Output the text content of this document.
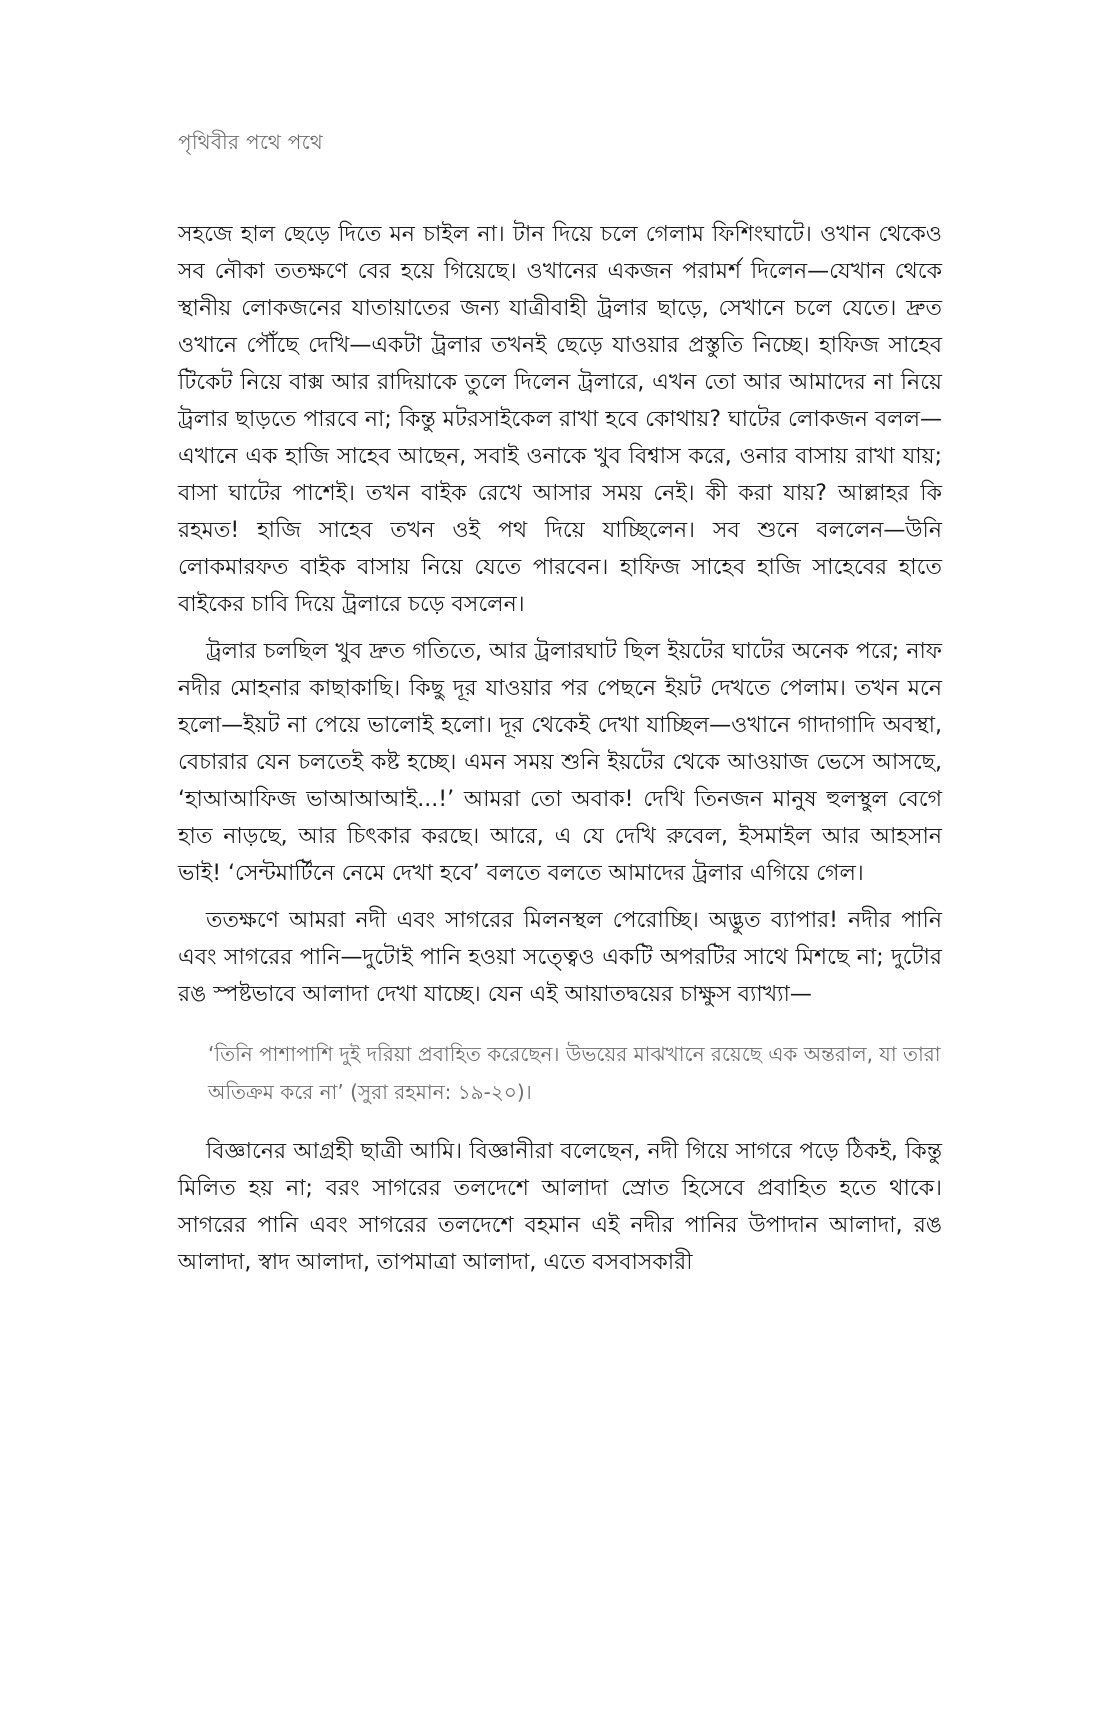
পৃথিবীর পথে পথে

সহজে হাল ছেড়ে দিতে মন চাইল না। টান দিয়ে চলে গেলাম ফিশিংঘাটে। ওখান থেকেও সব নৌকা ততক্ষণে বের হয়ে গিয়েছে। ওখানের একজন পরামর্শ দিলেন—যেখান থেকে স্থানীয় লোকজনের যাতায়াতের জন্য যাত্রীবাহী ট্রলার ছাড়ে, সেখানে চলে যেতে। দ্রুত ওখানে পৌঁছে দেখি—একটা ট্রলার তখনই ছেড়ে যাওয়ার প্রস্তুতি নিচ্ছে। হাফিজ সাহেব টিকেট নিয়ে বাক্স আর রাদিয়াকে তুলে দিলেন ট্রলারে, এখন তো আর আমাদের না নিয়ে ট্রলার ছাড়তে পারবে না; কিন্তু মটরসাইকেল রাখা হবে কোথায়? ঘাটের লোকজন বলল—এখানে এক হাজি সাহেব আছেন, সবাই ওনাকে খুব বিশ্বাস করে, ওনার বাসায় রাখা যায়; বাসা ঘাটের পাশেই। তখন বাইক রেখে আসার সময় নেই। কী করা যায়? আল্লাহর কি রহমত! হাজি সাহেব তখন ওই পথ দিয়ে যাচ্ছিলেন। সব শুনে বললেন—উনি লোকমারফত বাইক বাসায় নিয়ে যেতে পারবেন। হাফিজ সাহেব হাজি সাহেবের হাতে বাইকের চাবি দিয়ে ট্রলারে চড়ে বসলেন।

ট্রলার চলছিল খুব দ্রুত গতিতে, আর ট্রলারঘাট ছিল ইয়টের ঘাটের অনেক পরে; নাফ নদীর মোহনার কাছাকাছি। কিছু দূর যাওয়ার পর পেছনে ইয়ট দেখতে পেলাম। তখন মনে হলো—ইয়ট না পেয়ে ভালোই হলো। দূর থেকেই দেখা যাচ্ছিল—ওখানে গাদাগাদি অবস্থা, বেচারার যেন চলতেই কষ্ট হচ্ছে। এমন সময় শুনি ইয়টের থেকে আওয়াজ ভেসে আসছে, ‘হাআআফিজ ভাআআআই...!’ আমরা তো অবাক! দেখি তিনজন মানুষ হুলস্থুল বেগে হাত নাড়ছে, আর চিৎকার করছে। আরে, এ যে দেখি রুবেল, ইসমাইল আর আহসান ভাই! ‘সেন্টমার্টিনে নেমে দেখা হবে’ বলতে বলতে আমাদের ট্রলার এগিয়ে গেল।

ততক্ষণে আমরা নদী এবং সাগরের মিলনস্থল পেরোচ্ছি। অদ্ভুত ব্যাপার! নদীর পানি এবং সাগরের পানি—দুটোই পানি হওয়া সত্ত্বেও একটি অপরটির সাথে মিশছে না; দুটোর রঙ স্পষ্টভাবে আলাদা দেখা যাচ্ছে। যেন এই আয়াতদ্বয়ের চাক্ষুস ব্যাখ্যা—

‘তিনি পাশাপাশি দুই দরিয়া প্রবাহিত করেছেন। উভয়ের মাঝখানে রয়েছে এক অন্তরাল, যা তারা অতিক্রম করে না’ (সুরা রহমান: ১৯-২০)।

বিজ্ঞানের আগ্রহী ছাত্রী আমি। বিজ্ঞানীরা বলেছেন, নদী গিয়ে সাগরে পড়ে ঠিকই, কিন্তু মিলিত হয় না; বরং সাগরের তলদেশে আলাদা স্রোত হিসেবে প্রবাহিত হতে থাকে। সাগরের পানি এবং সাগরের তলদেশে বহমান এই নদীর পানির উপাদান আলাদা, রঙ আলাদা, স্বাদ আলাদা, তাপমাত্রা আলাদা, এতে বসবাসকারী
